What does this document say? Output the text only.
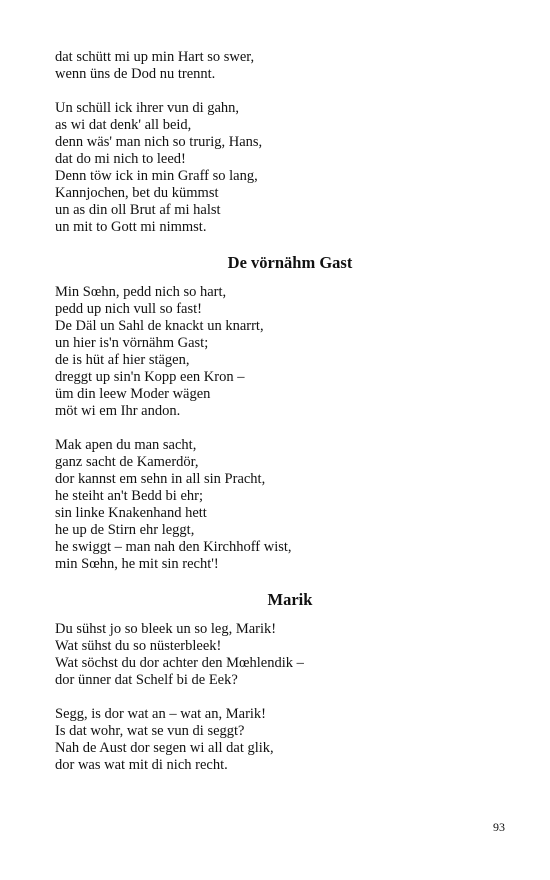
dat schütt mi up min Hart so swer,
wenn üns de Dod nu trennt.
Un schüll ick ihrer vun di gahn,
as wi dat denk' all beid,
denn wäs' man nich so trurig, Hans,
dat do mi nich to leed!
Denn töw ick in min Graff so lang,
Kannjochen, bet du kümmst
un as din oll Brut af mi halst
un mit to Gott mi nimmst.
De vörnähm Gast
Min Sœhn, pedd nich so hart,
pedd up nich vull so fast!
De Däl un Sahl de knackt un knarrt,
un hier is'n vörnähm Gast;
de is hüt af hier stägen,
dreggt up sin'n Kopp een Kron –
üm din leew Moder wägen
möt wi em Ihr andon.
Mak apen du man sacht,
ganz sacht de Kamerdör,
dor kannst em sehn in all sin Pracht,
he steiht an't Bedd bi ehr;
sin linke Knakenhand hett
he up de Stirn ehr leggt,
he swiggt – man nah den Kirchhoff wist,
min Sœhn, he mit sin recht'!
Marik
Du sühst jo so bleek un so leg, Marik!
Wat sühst du so nüsterbleek!
Wat söchst du dor achter den Mœhlendik –
dor ünner dat Schelf bi de Eek?
Segg, is dor wat an – wat an, Marik!
Is dat wohr, wat se vun di seggt?
Nah de Aust dor segen wi all dat glik,
dor was wat mit di nich recht.
93
